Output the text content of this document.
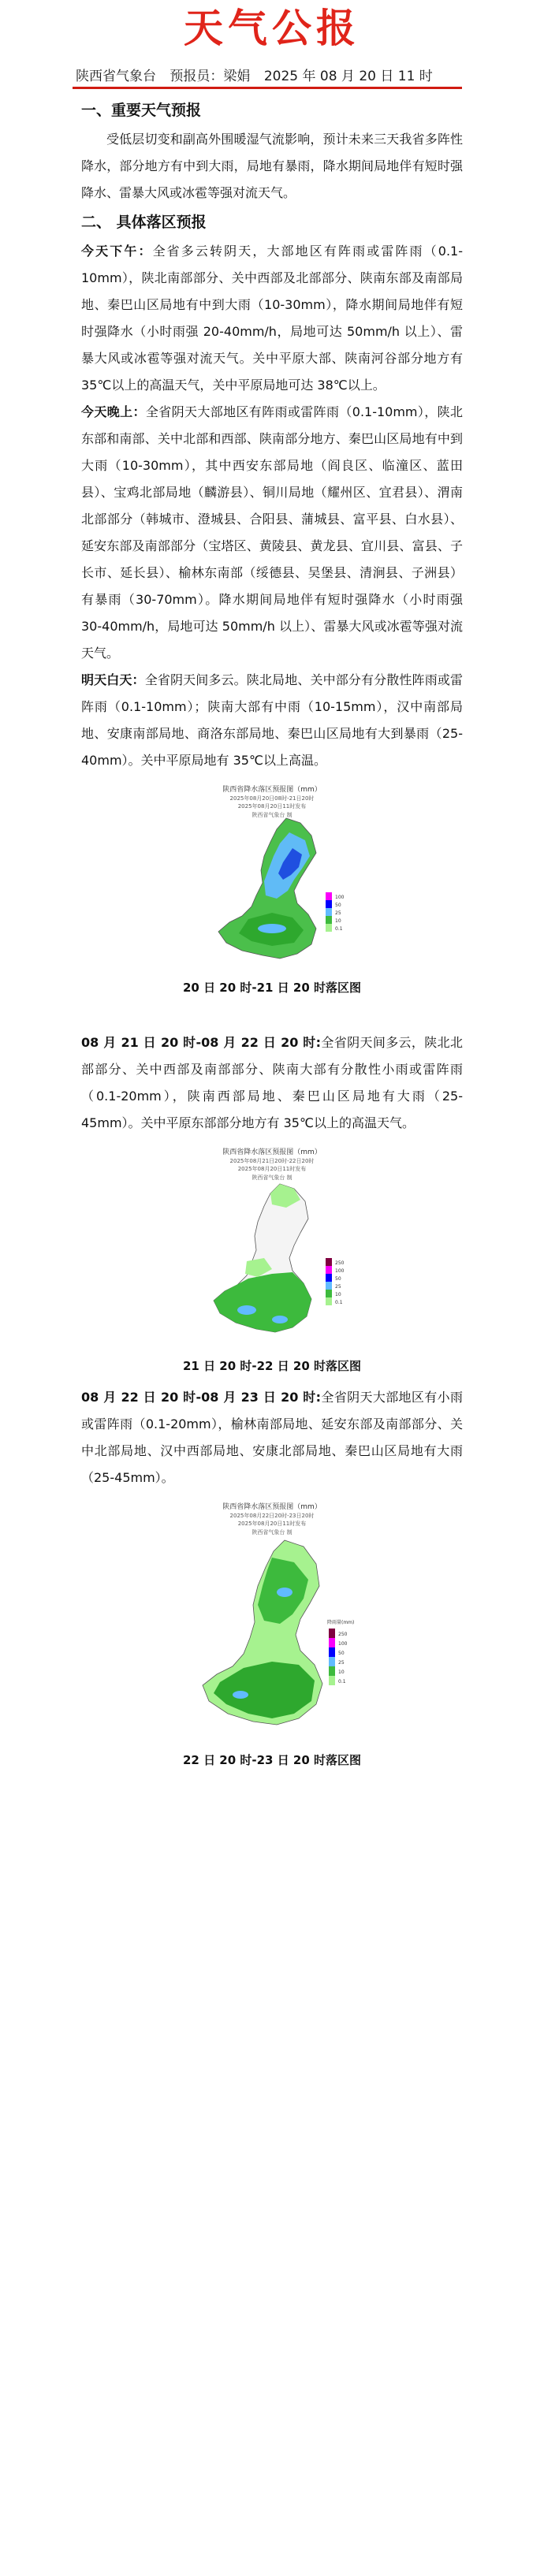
天气公报
陕西省气象台 预报员：梁娟 2025 年 08 月 20 日 11 时
一、重要天气预报

受低层切变和副高外围暖湿气流影响，预计未来三天我省多阵性降水，部分地方有中到大雨，局地有暴雨，降水期间局地伴有短时强降水、雷暴大风或冰雹等强对流天气。

二、 具体落区预报

今天下午：全省多云转阴天，大部地区有阵雨或雷阵雨（0.1-10mm），陕北南部部分、关中西部及北部部分、陕南东部及南部局地、秦巴山区局地有中到大雨（10-30mm），降水期间局地伴有短时强降水（小时雨强 20-40mm/h，局地可达 50mm/h 以上）、雷暴大风或冰雹等强对流天气。关中平原大部、陕南河谷部分地方有 35℃以上的高温天气，关中平原局地可达 38℃以上。

今天晚上：全省阴天大部地区有阵雨或雷阵雨（0.1-10mm），陕北东部和南部、关中北部和西部、陕南部分地方、秦巴山区局地有中到大雨（10-30mm），其中西安东部局地（阎良区、临潼区、蓝田县）、宝鸡北部局地（麟游县）、铜川局地（耀州区、宜君县）、渭南北部部分（韩城市、澄城县、合阳县、蒲城县、富平县、白水县）、延安东部及南部部分（宝塔区、黄陵县、黄龙县、宜川县、富县、子长市、延长县）、榆林东南部（绥德县、吴堡县、清涧县、子洲县）有暴雨（30-70mm）。降水期间局地伴有短时强降水（小时雨强 30-40mm/h，局地可达 50mm/h 以上）、雷暴大风或冰雹等强对流天气。

明天白天：全省阴天间多云。陕北局地、关中部分有分散性阵雨或雷阵雨（0.1-10mm）；陕南大部有中雨（10-15mm），汉中南部局地、安康南部局地、商洛东部局地、秦巴山区局地有大到暴雨（25-40mm）。关中平原局地有 35℃以上高温。

陕西省降水落区预报图（mm）
2025年08月20日08时-21日20时
2025年08月20日11时发布
陕西省气象台 制
100
50
25
10
0.1
20 日 20 时-21 日 20 时落区图

08 月 21 日 20 时-08 月 22 日 20 时:全省阴天间多云，陕北北部部分、关中西部及南部部分、陕南大部有分散性小雨或雷阵雨（0.1-20mm），陕南西部局地、秦巴山区局地有大雨（25-45mm）。关中平原东部部分地方有 35℃以上的高温天气。

陕西省降水落区预报图（mm）
2025年08月21日20时-22日20时
2025年08月20日11时发布
陕西省气象台 制
250
100
50
25
10
0.1
21 日 20 时-22 日 20 时落区图

08 月 22 日 20 时-08 月 23 日 20 时:全省阴天大部地区有小雨或雷阵雨（0.1-20mm），榆林南部局地、延安东部及南部部分、关中北部局地、汉中西部局地、安康北部局地、秦巴山区局地有大雨（25-45mm）。

陕西省降水落区预报图（mm）
2025年08月22日20时-23日20时
2025年08月20日11时发布
陕西省气象台 制
降雨量(mm)
250
100
50
25
10
0.1
22 日 20 时-23 日 20 时落区图
